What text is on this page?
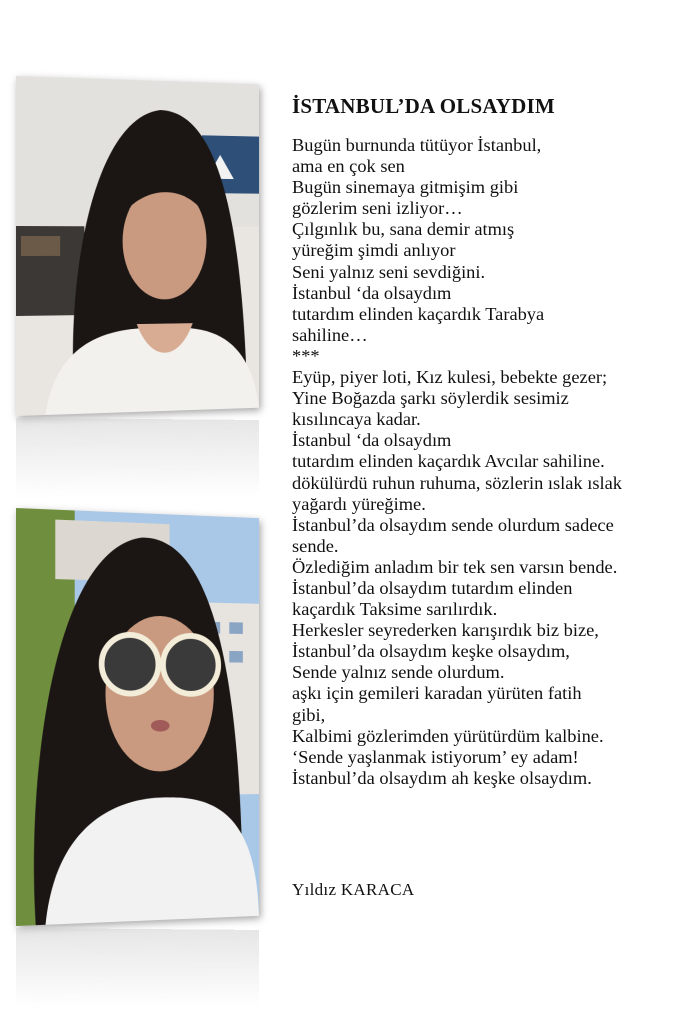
İSTANBUL’DA OLSAYDIM
Bugün burnunda tütüyor İstanbul,
ama en çok sen
Bugün sinemaya gitmişim gibi
gözlerim seni izliyor…
Çılgınlık bu, sana demir atmış
yüreğim şimdi anlıyor
Seni yalnız seni sevdiğini.
İstanbul ‘da olsaydım
tutardım elinden kaçardık Tarabya
sahiline…
***
Eyüp, piyer loti, Kız kulesi, bebekte gezer;
Yine Boğazda şarkı söylerdik sesimiz
kısılıncaya kadar.
İstanbul ‘da olsaydım
tutardım elinden kaçardık Avcılar sahiline.
dökülürdü ruhun ruhuma, sözlerin ıslak ıslak
yağardı yüreğime.
İstanbul’da olsaydım sende olurdum sadece
sende.
Özlediğim anladım bir tek sen varsın bende.
İstanbul’da olsaydım tutardım elinden
kaçardık Taksime sarılırdık.
Herkesler seyrederken karışırdık biz bize,
İstanbul’da olsaydım keşke olsaydım,
Sende yalnız sende olurdum.
aşkı için gemileri karadan yürüten fatih
gibi,
Kalbimi gözlerimden yürütürdüm kalbine.
‘Sende yaşlanmak istiyorum’ ey adam!
İstanbul’da olsaydım ah keşke olsaydım.
Yıldız KARACA
